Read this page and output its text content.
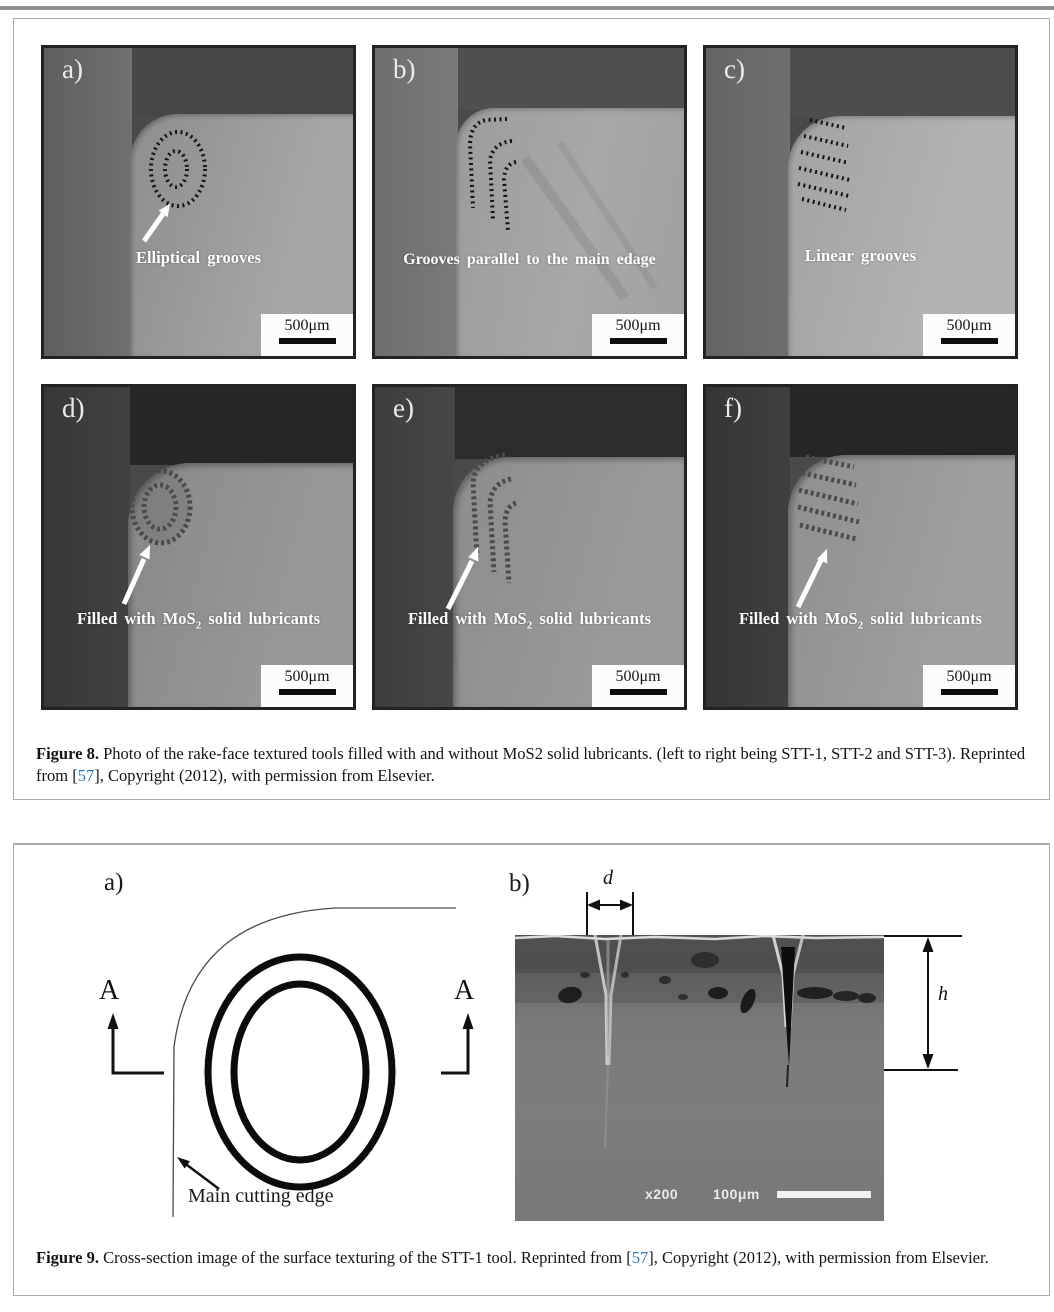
a)
Elliptical grooves
500μm
b)
Grooves parallel to the main edage
500μm
c)
Linear grooves
500μm
d)
Filled with MoS$_2$ solid lubricants
500μm
e)
Filled with MoS$_2$ solid lubricants
500μm
f)
Filled with MoS$_2$ solid lubricants
500μm

Figure 8. Photo of the rake-face textured tools filled with and without MoS2 solid lubricants. (left to right being STT-1, STT-2 and STT-3). Reprinted from [57], Copyright (2012), with permission from Elsevier.

x200 100μm
a)	b)
A	A
d
h
Main cutting edge

Figure 9. Cross-section image of the surface texturing of the STT-1 tool. Reprinted from [57], Copyright (2012), with permission from Elsevier.
